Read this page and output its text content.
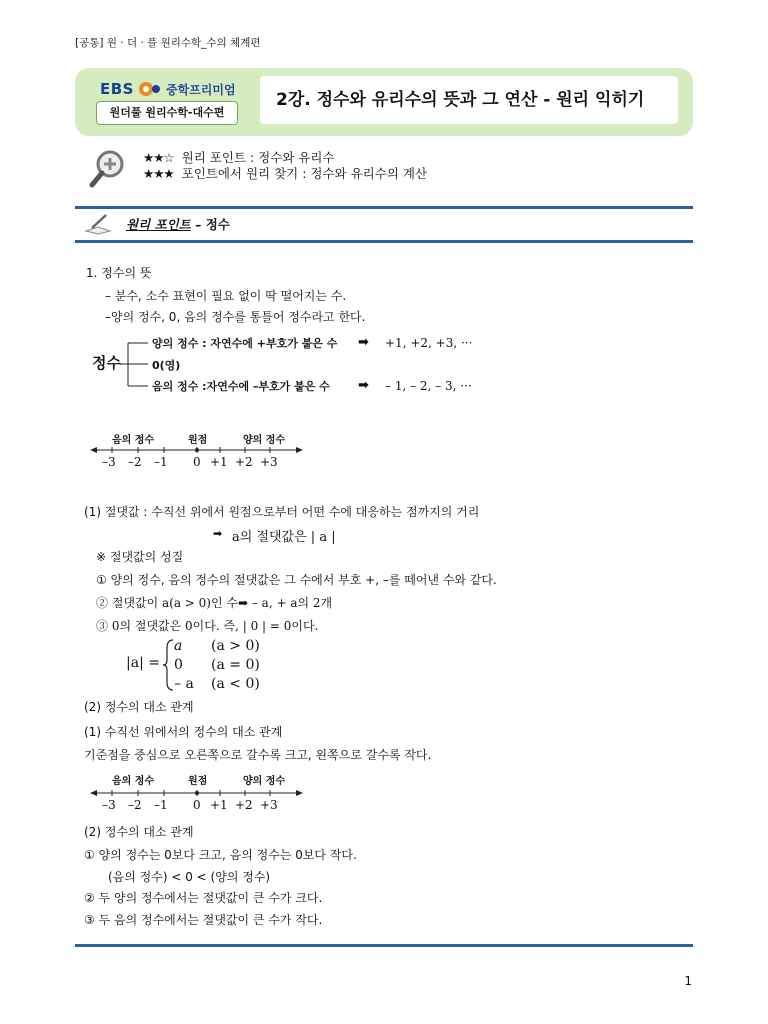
[공통] 원 · 더 · 플 원리수학_수의 체계편
EBS	중학프리미엄
원더풀 원리수학-대수편
2강. 정수와 유리수의 뜻과 그 연산 - 원리 익히기
★★☆ 원리 포인트 : 정수와 유리수
★★★ 포인트에서 원리 찾기 : 정수와 유리수의 계산
원리 포인트 – 정수
1. 정수의 뜻
– 분수, 소수 표현이 필요 없이 딱 떨어지는 수.
–양의 정수, 0, 음의 정수를 통틀어 정수라고 한다.
정수
양의 정수 : 자연수에 +부호가 붙은 수 ➡ +1, +2, +3, ···
0(영)
음의 정수 :자연수에 –부호가 붙은 수 ➡ – 1, – 2, – 3, ···
음의 정수	원점	양의 정수
–3 –2 –1 0 +1 +2 +3
(1) 절댓값 : 수직선 위에서 원점으로부터 어떤 수에 대응하는 점까지의 거리
➡ a의 절댓값은 | a |
※ 절댓값의 성질
① 양의 정수, 음의 정수의 절댓값은 그 수에서 부호 +, –를 떼어낸 수와 같다.
② 절댓값이 a(a > 0)인 수➡ – a, + a의 2개
③ 0의 절댓값은 0이다. 즉, | 0 | = 0이다.
|a| =
a (a > 0)
0 (a = 0)
– a (a < 0)
(2) 정수의 대소 관계
(1) 수직선 위에서의 정수의 대소 관계
기준점을 중심으로 오른쪽으로 갈수록 크고, 왼쪽으로 갈수록 작다.
음의 정수	원점	양의 정수
–3 –2 –1 0 +1 +2 +3
(2) 정수의 대소 관계
① 양의 정수는 0보다 크고, 음의 정수는 0보다 작다.
(음의 정수) < 0 < (양의 정수)
② 두 양의 정수에서는 절댓값이 큰 수가 크다.
③ 두 음의 정수에서는 절댓값이 큰 수가 작다.
1
